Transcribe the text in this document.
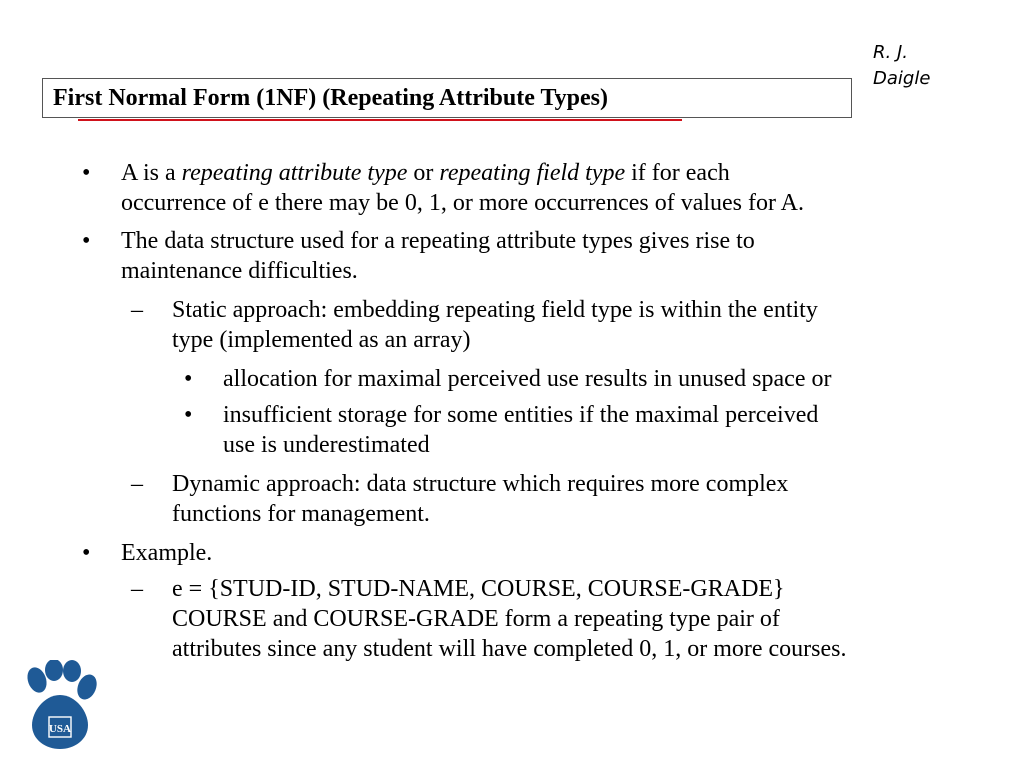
R. J.
Daigle
First Normal Form (1NF) (Repeating Attribute Types)
• A is a repeating attribute type or repeating field type if for each
occurrence of e there may be 0, 1, or more occurrences of values for A.
• The data structure used for a repeating attribute types gives rise to
maintenance difficulties.
– Static approach: embedding repeating field type is within the entity
type (implemented as an array)
• allocation for maximal perceived use results in unused space or
• insufficient storage for some entities if the maximal perceived
use is underestimated
– Dynamic approach: data structure which requires more complex
functions for management.
• Example.
– e = {STUD-ID, STUD-NAME, COURSE, COURSE-GRADE}
COURSE and COURSE-GRADE form a repeating type pair of
attributes since any student will have completed 0, 1, or more courses.
USA
